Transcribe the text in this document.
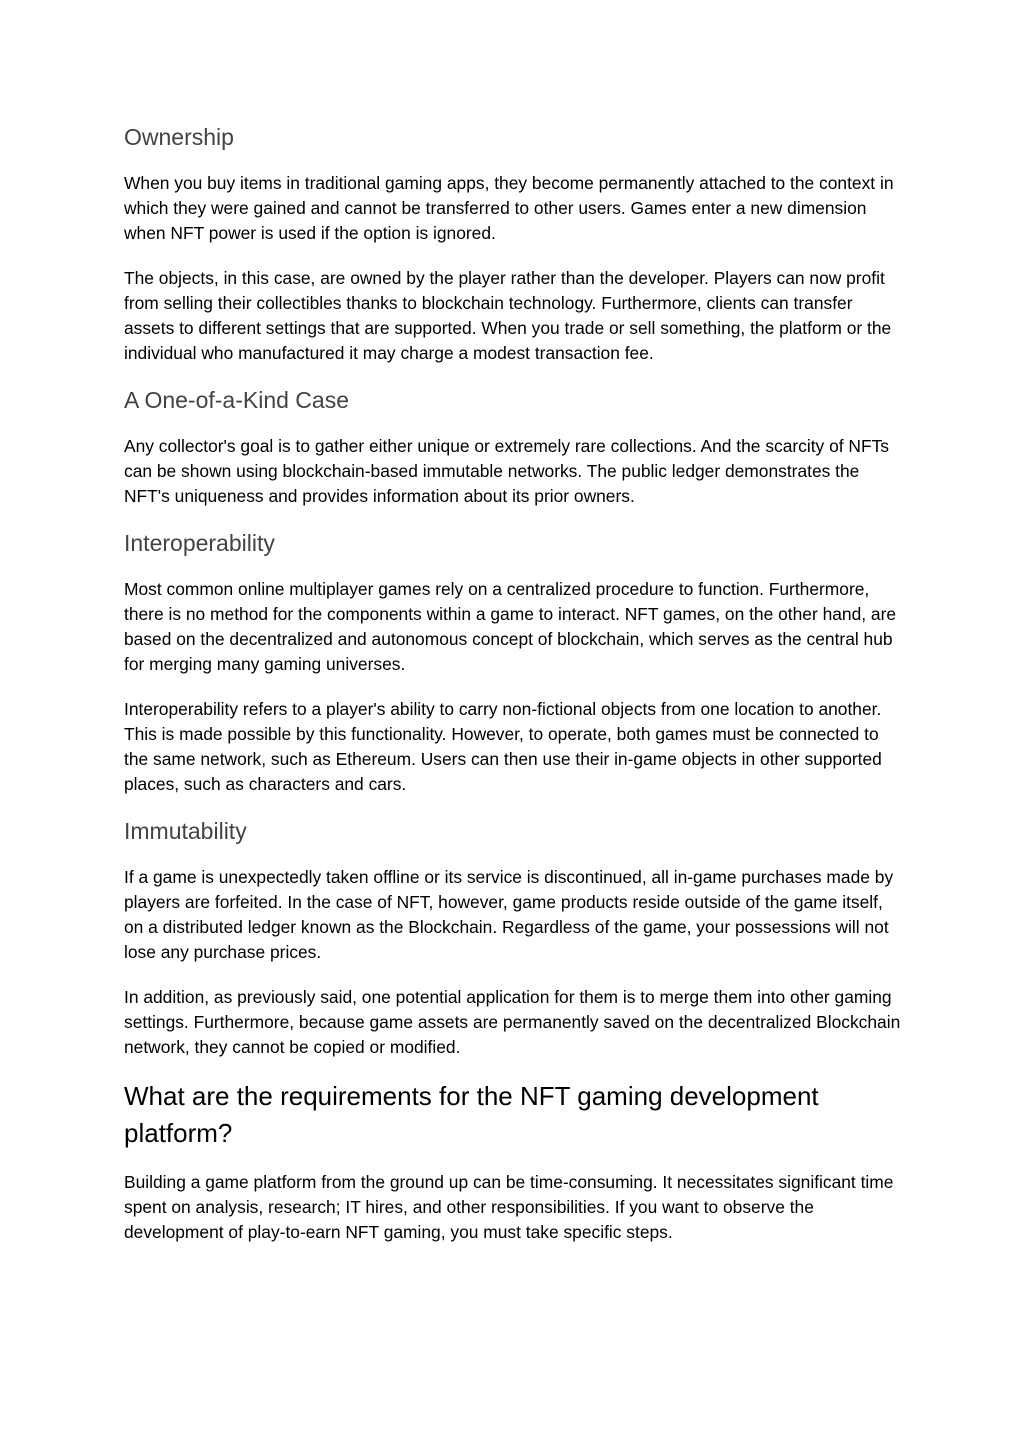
Ownership

When you buy items in traditional gaming apps, they become permanently attached to the context in which they were gained and cannot be transferred to other users. Games enter a new dimension when NFT power is used if the option is ignored.

The objects, in this case, are owned by the player rather than the developer. Players can now profit from selling their collectibles thanks to blockchain technology. Furthermore, clients can transfer assets to different settings that are supported. When you trade or sell something, the platform or the individual who manufactured it may charge a modest transaction fee.

A One-of-a-Kind Case

Any collector's goal is to gather either unique or extremely rare collections. And the scarcity of NFTs can be shown using blockchain-based immutable networks. The public ledger demonstrates the NFT's uniqueness and provides information about its prior owners.

Interoperability

Most common online multiplayer games rely on a centralized procedure to function. Furthermore, there is no method for the components within a game to interact. NFT games, on the other hand, are based on the decentralized and autonomous concept of blockchain, which serves as the central hub for merging many gaming universes.

Interoperability refers to a player's ability to carry non-fictional objects from one location to another. This is made possible by this functionality. However, to operate, both games must be connected to the same network, such as Ethereum. Users can then use their in-game objects in other supported places, such as characters and cars.

Immutability

If a game is unexpectedly taken offline or its service is discontinued, all in-game purchases made by players are forfeited. In the case of NFT, however, game products reside outside of the game itself, on a distributed ledger known as the Blockchain. Regardless of the game, your possessions will not lose any purchase prices.

In addition, as previously said, one potential application for them is to merge them into other gaming settings. Furthermore, because game assets are permanently saved on the decentralized Blockchain network, they cannot be copied or modified.

What are the requirements for the NFT gaming development platform?

Building a game platform from the ground up can be time-consuming. It necessitates significant time spent on analysis, research; IT hires, and other responsibilities. If you want to observe the development of play-to-earn NFT gaming, you must take specific steps.
